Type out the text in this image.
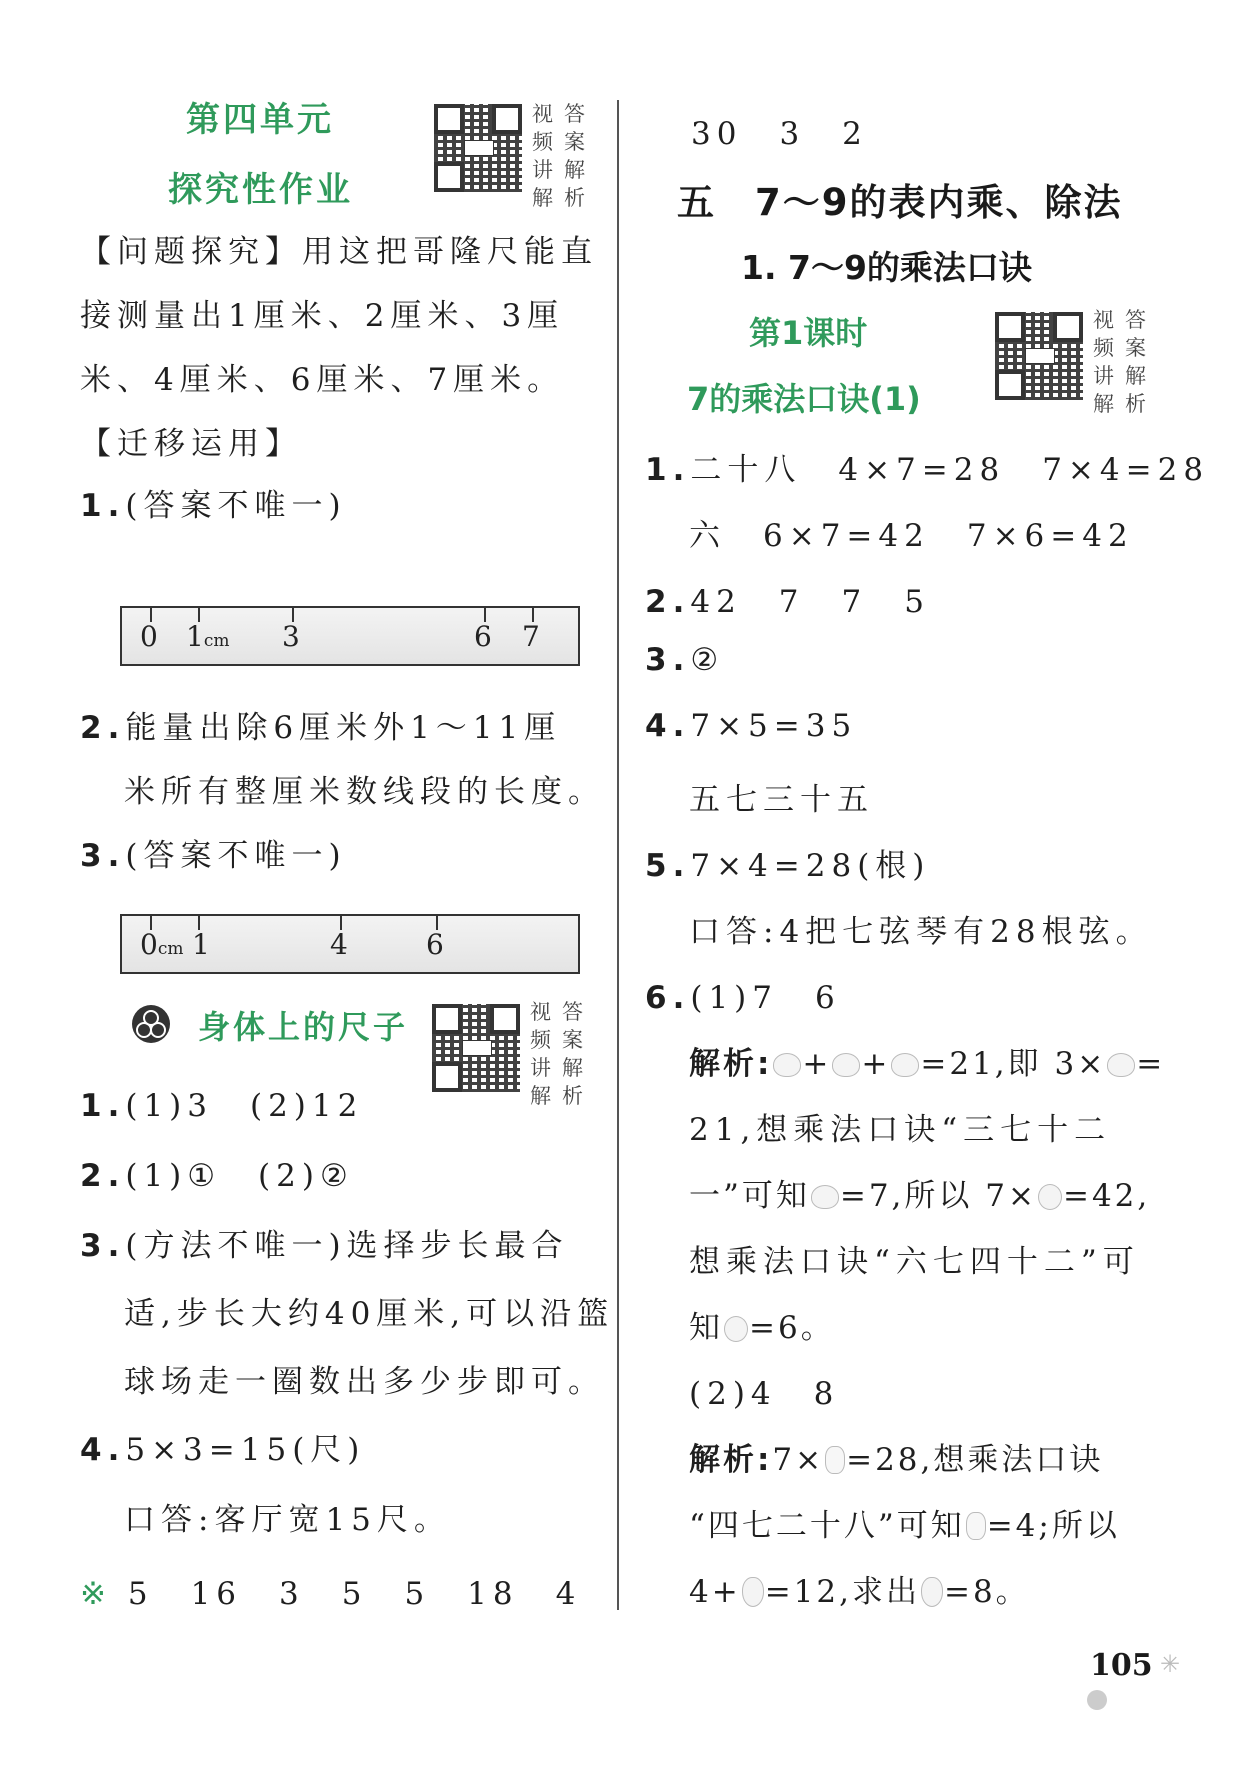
第四单元
探究性作业
视
频
讲
解
答
案
解
析
【问题探究】用这把哥隆尺能直
接测量出1厘米、2厘米、3厘
米、4厘米、6厘米、7厘米。
【迁移运用】
1.(答案不唯一)
0 1cm 3	6 7
2.能量出除6厘米外1～11厘
米所有整厘米数线段的长度。
3.(答案不唯一)
0cm 1	4	6
身体上的尺子	视
频
讲
解
答
案
解
析
1.(1)3　(2)12
2.(1)①　(2)②
3.(方法不唯一)选择步长最合
适,步长大约40厘米,可以沿篮
球场走一圈数出多少步即可。
4.5×3=15(尺)
口答:客厅宽15尺。
※ 5　16　3　5　5　18　4
30　3　2
五　7～9的表内乘、除法
1. 7～9的乘法口诀
第1课时
7的乘法口诀(1)
视
频
讲
解
答
案
解
析
1.二十八　4×7=28　7×4=28
六　6×7=42　7×6=42
2.42　7　7　5
3.②
4.7×5=35
五七三十五
5.7×4=28(根)
口答:4把七弦琴有28根弦。
6.(1)7　6
解析: + + =21,即 3× =
21,想乘法口诀“三七十二
一”可知 =7,所以 7× =42,
想乘法口诀“六七四十二”可
知 =6。
(2)4　8
解析:7× =28,想乘法口诀
“四七二十八”可知 =4;所以
4+ =12,求出 =8。
105 ✳
